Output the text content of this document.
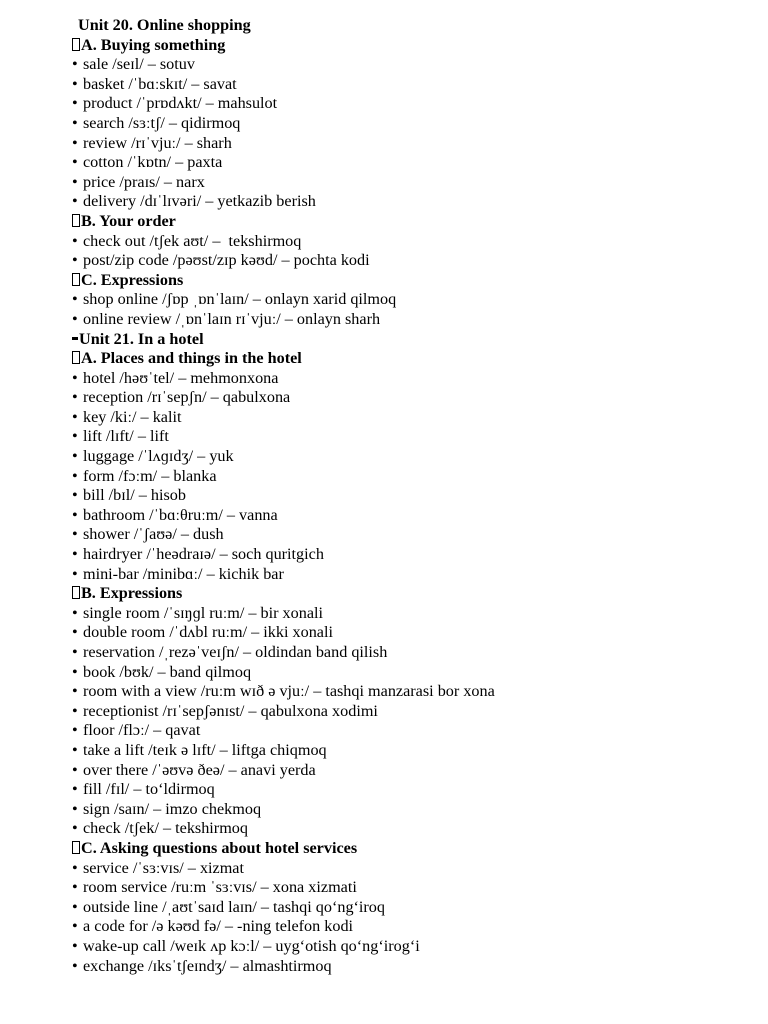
Unit 20. Online shopping
A. Buying something
• sale /seɪl/ – sotuv
• basket /ˈbɑːskɪt/ – savat
• product /ˈprɒdʌkt/ – mahsulot
• search /sɜːtʃ/ – qidirmoq
• review /rɪˈvjuː/ – sharh
• cotton /ˈkɒtn/ – paxta
• price /praɪs/ – narx
• delivery /dɪˈlɪvəri/ – yetkazib berish
B. Your order
• check out /tʃek aʊt/ –  tekshirmoq
• post/zip code /pəʊst/zɪp kəʊd/ – pochta kodi
C. Expressions
• shop online /ʃɒp ˌɒnˈlaɪn/ – onlayn xarid qilmoq
• online review /ˌɒnˈlaɪn rɪˈvjuː/ – onlayn sharh
Unit 21. In a hotel
A. Places and things in the hotel
• hotel /həʊˈtel/ – mehmonxona
• reception /rɪˈsepʃn/ – qabulxona
• key /kiː/ – kalit
• lift /lɪft/ – lift
• luggage /ˈlʌɡɪdʒ/ – yuk
• form /fɔːm/ – blanka
• bill /bɪl/ – hisob
• bathroom /ˈbɑːθruːm/ – vanna
• shower /ˈʃaʊə/ – dush
• hairdryer /ˈheədraɪə/ – soch quritgich
• mini-bar /minibɑː/ – kichik bar
B. Expressions
• single room /ˈsɪŋɡl ruːm/ – bir xonali
• double room /ˈdʌbl ruːm/ – ikki xonali
• reservation /ˌrezəˈveɪʃn/ – oldindan band qilish
• book /bʊk/ – band qilmoq
• room with a view /ruːm wɪð ə vjuː/ – tashqi manzarasi bor xona
• receptionist /rɪˈsepʃənɪst/ – qabulxona xodimi
• floor /flɔː/ – qavat
• take a lift /teɪk ə lɪft/ – liftga chiqmoq
• over there /ˈəʊvə ðeə/ – anavi yerda
• fill /fɪl/ – toʻldirmoq
• sign /saɪn/ – imzo chekmoq
• check /tʃek/ – tekshirmoq
C. Asking questions about hotel services
• service /ˈsɜːvɪs/ – xizmat
• room service /ruːm ˈsɜːvɪs/ – xona xizmati
• outside line /ˌaʊtˈsaɪd laɪn/ – tashqi qoʻngʻiroq
• a code for /ə kəʊd fə/ – -ning telefon kodi
• wake-up call /weɪk ʌp kɔːl/ – uygʻotish qoʻngʻirogʻi
• exchange /ɪksˈtʃeɪndʒ/ – almashtirmoq
